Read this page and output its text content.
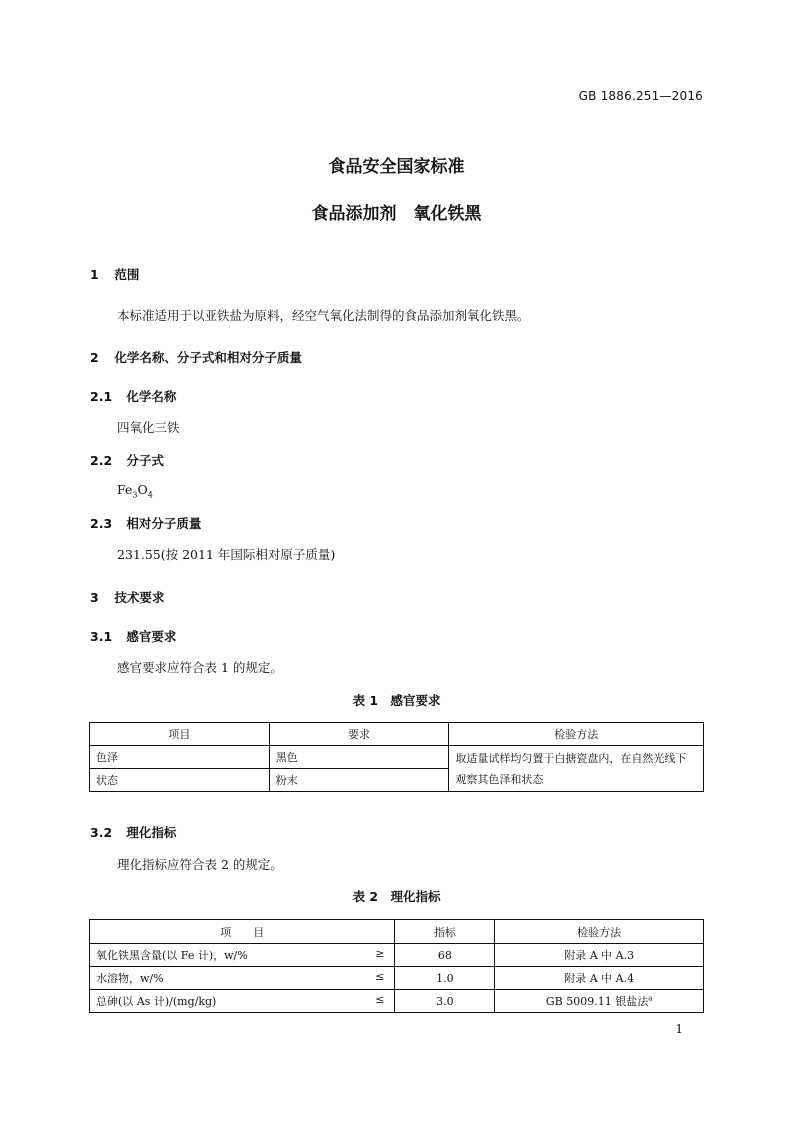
GB 1886.251—2016
食品安全国家标准
食品添加剂　氧化铁黑
1 范围
本标准适用于以亚铁盐为原料，经空气氧化法制得的食品添加剂氧化铁黑。
2 化学名称、分子式和相对分子质量
2.1 化学名称
四氧化三铁
2.2 分子式
$Fe_3O_4$
2.3 相对分子质量
231.55(按 2011 年国际相对原子质量)
3 技术要求
3.1 感官要求
感官要求应符合表 1 的规定。
表 1　感官要求
项目	要求	检验方法
色泽	黑色	取适量试样均匀置于白搪瓷盘内，在自然光线下观察其色泽和状态
状态	粉末	
3.2 理化指标
理化指标应符合表 2 的规定。
表 2　理化指标
项　　目	指标	检验方法
氧化铁黑含量(以 Fe 计)，w/% ≥	68	附录 A 中 A.3
水溶物，w/% ≤	1.0	附录 A 中 A.4
总砷(以 As 计)/(mg/kg) ≤	3.0	GB 5009.11 银盐法$^a$
1
